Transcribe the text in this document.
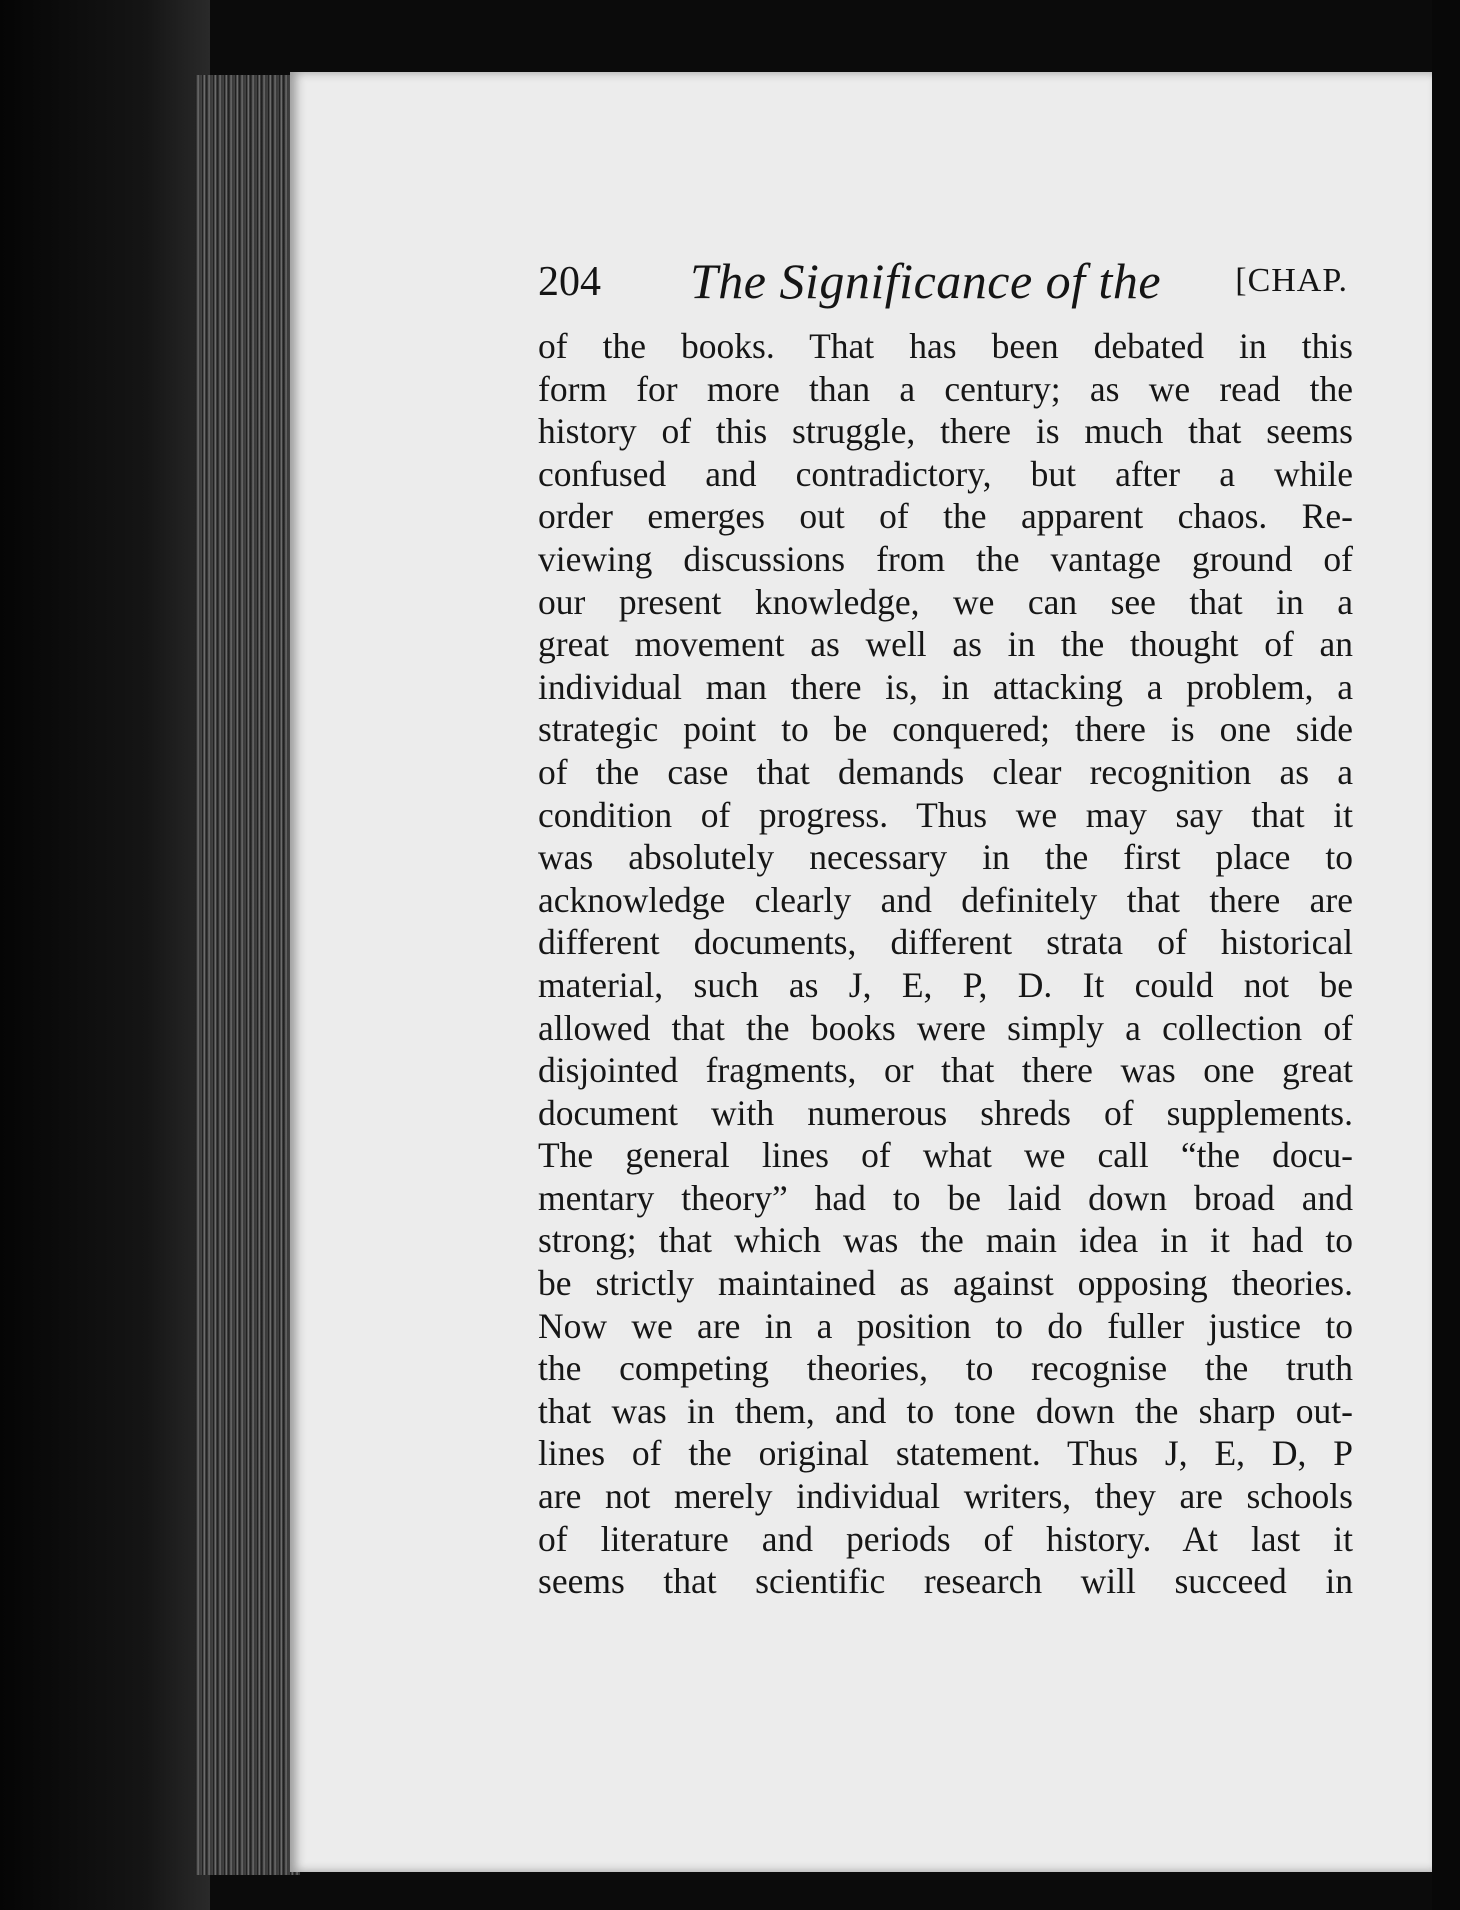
204 The Significance of the [CHAP.
of the books. That has been debated in this
form for more than a century; as we read the
history of this struggle, there is much that seems
confused and contradictory, but after a while
order emerges out of the apparent chaos. Re-
viewing discussions from the vantage ground of
our present knowledge, we can see that in a
great movement as well as in the thought of an
individual man there is, in attacking a problem, a
strategic point to be conquered; there is one side
of the case that demands clear recognition as a
condition of progress. Thus we may say that it
was absolutely necessary in the first place to
acknowledge clearly and definitely that there are
different documents, different strata of historical
material, such as J, E, P, D. It could not be
allowed that the books were simply a collection of
disjointed fragments, or that there was one great
document with numerous shreds of supplements.
The general lines of what we call “the docu-
mentary theory” had to be laid down broad and
strong; that which was the main idea in it had to
be strictly maintained as against opposing theories.
Now we are in a position to do fuller justice to
the competing theories, to recognise the truth
that was in them, and to tone down the sharp out-
lines of the original statement. Thus J, E, D, P
are not merely individual writers, they are schools
of literature and periods of history. At last it
seems that scientific research will succeed in
